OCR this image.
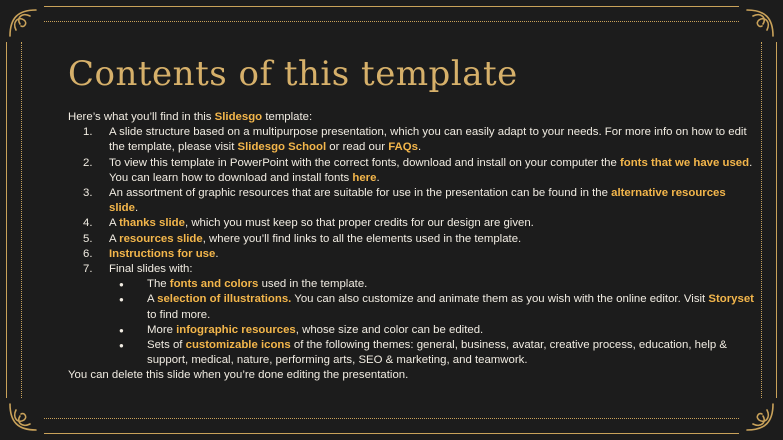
Contents of this template

Here’s what you’ll find in this Slidesgo template:

1. A slide structure based on a multipurpose presentation, which you can easily adapt to your needs. For more info on how to edit the template, please visit Slidesgo School or read our FAQs.
2. To view this template in PowerPoint with the correct fonts, download and install on your computer the fonts that we have used. You can learn how to download and install fonts here.
3. An assortment of graphic resources that are suitable for use in the presentation can be found in the alternative resources slide.
4. A thanks slide, which you must keep so that proper credits for our design are given.
5. A resources slide, where you’ll find links to all the elements used in the template.
6. Instructions for use.
7. Final slides with:
● The fonts and colors used in the template.
● A selection of illustrations. You can also customize and animate them as you wish with the online editor. Visit Storyset to find more.
● More infographic resources, whose size and color can be edited.
● Sets of customizable icons of the following themes: general, business, avatar, creative process, education, help & support, medical, nature, performing arts, SEO & marketing, and teamwork.

You can delete this slide when you’re done editing the presentation.
